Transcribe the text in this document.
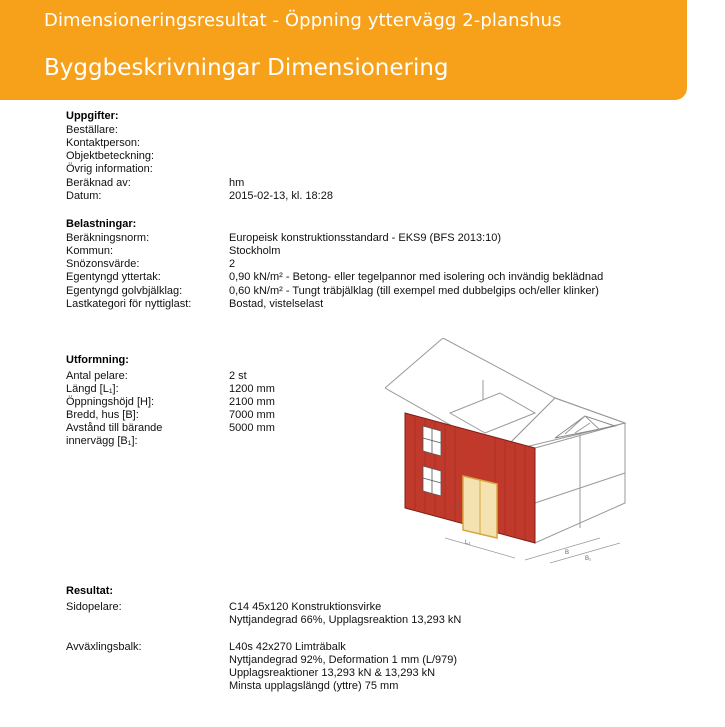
Dimensioneringsresultat - Öppning yttervägg 2-planshus
Byggbeskrivningar Dimensionering
Uppgifter:
Beställare:
Kontaktperson:
Objektbeteckning:
Övrig information:
Beräknad av:	hm
Datum:	2015-02-13, kl. 18:28
Belastningar:
Beräkningsnorm:	Europeisk konstruktionsstandard - EKS9 (BFS 2013:10)
Kommun:	Stockholm
Snözonsvärde:	2
Egentyngd yttertak:	0,90 kN/m² - Betong- eller tegelpannor med isolering och invändig beklädnad
Egentyngd golvbjälklag:	0,60 kN/m² - Tungt träbjälklag (till exempel med dubbelgips och/eller klinker)
Lastkategori för nyttiglast:	Bostad, vistelselast
Utformning:
Antal pelare:	2 st
Längd [L₁]:	1200 mm
Öppningshöjd [H]:	2100 mm
Bredd, hus [B]:	7000 mm
Avstånd till bärande	5000 mm
innervägg [B₁]:
L₁
B
B₁
H
Resultat:
Sidopelare:	C14 45x120 Konstruktionsvirke
Nyttjandegrad 66%, Upplagsreaktion 13,293 kN
Avväxlingsbalk:	L40s 42x270 Limträbalk
Nyttjandegrad 92%, Deformation 1 mm (L/979)
Upplagsreaktioner 13,293 kN & 13,293 kN
Minsta upplagslängd (yttre) 75 mm
